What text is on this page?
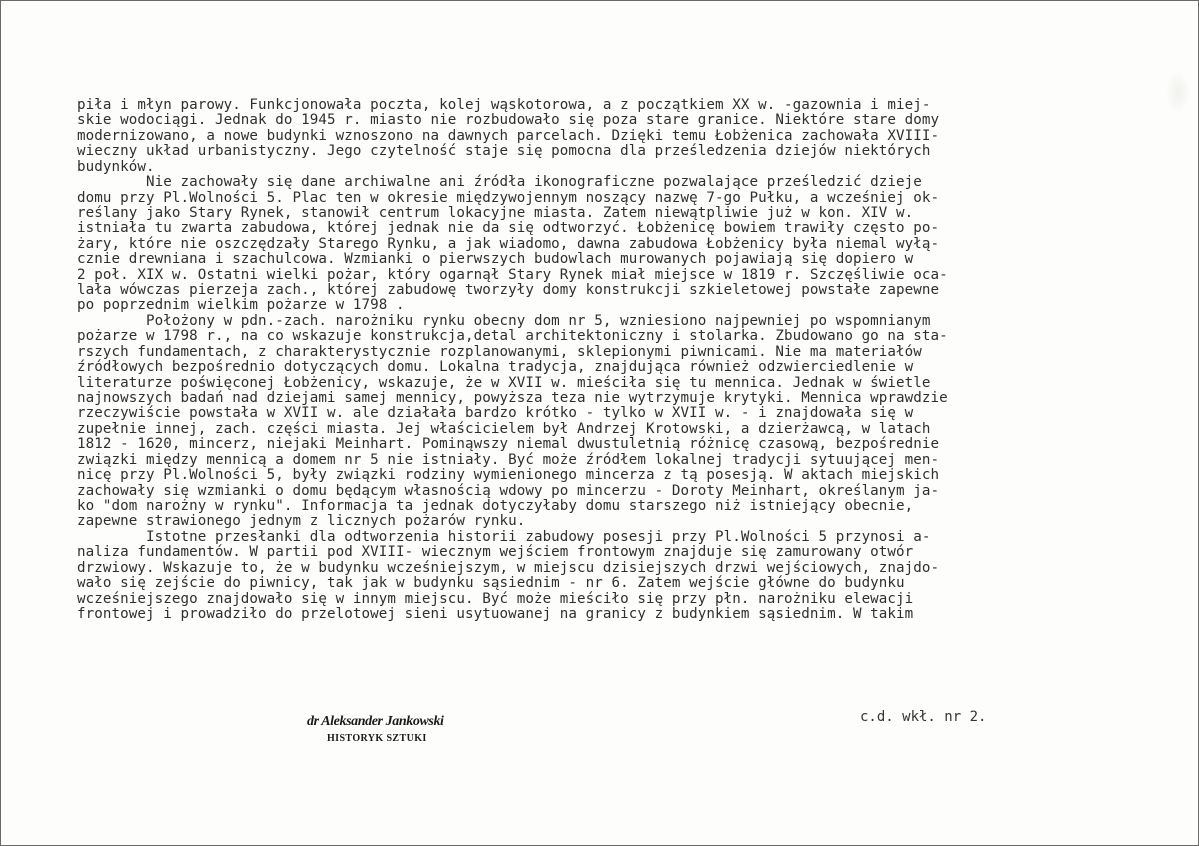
piła i młyn parowy. Funkcjonowała poczta, kolej wąskotorowa, a z początkiem XX w. -gazownia i miej-
skie wodociągi. Jednak do 1945 r. miasto nie rozbudowało się poza stare granice. Niektóre stare domy
modernizowano, a nowe budynki wznoszono na dawnych parcelach. Dzięki temu Łobżenica zachowała XVIII-
wieczny układ urbanistyczny. Jego czytelność staje się pomocna dla prześledzenia dziejów niektórych
budynków.
Nie zachowały się dane archiwalne ani źródła ikonograficzne pozwalające prześledzić dzieje
domu przy Pl.Wolności 5. Plac ten w okresie międzywojennym noszący nazwę 7-go Pułku, a wcześniej ok-
reślany jako Stary Rynek, stanowił centrum lokacyjne miasta. Zatem niewątpliwie już w kon. XIV w.
istniała tu zwarta zabudowa, której jednak nie da się odtworzyć. Łobżenicę bowiem trawiły często po-
żary, które nie oszczędzały Starego Rynku, a jak wiadomo, dawna zabudowa Łobżenicy była niemal wyłą-
cznie drewniana i szachulcowa. Wzmianki o pierwszych budowlach murowanych pojawiają się dopiero w
2 poł. XIX w. Ostatni wielki pożar, który ogarnął Stary Rynek miał miejsce w 1819 r. Szczęśliwie oca-
lała wówczas pierzeja zach., której zabudowę tworzyły domy konstrukcji szkieletowej powstałe zapewne
po poprzednim wielkim pożarze w 1798 .
Położony w pdn.-zach. narożniku rynku obecny dom nr 5, wzniesiono najpewniej po wspomnianym
pożarze w 1798 r., na co wskazuje konstrukcja,detal architektoniczny i stolarka. Zbudowano go na sta-
rszych fundamentach, z charakterystycznie rozplanowanymi, sklepionymi piwnicami. Nie ma materiałów
źródłowych bezpośrednio dotyczących domu. Lokalna tradycja, znajdująca również odzwierciedlenie w
literaturze poświęconej Łobżenicy, wskazuje, że w XVII w. mieściła się tu mennica. Jednak w świetle
najnowszych badań nad dziejami samej mennicy, powyższa teza nie wytrzymuje krytyki. Mennica wprawdzie
rzeczywiście powstała w XVII w. ale działała bardzo krótko - tylko w XVII w. - i znajdowała się w
zupełnie innej, zach. części miasta. Jej właścicielem był Andrzej Krotowski, a dzierżawcą, w latach
1812 - 1620, mincerz, niejaki Meinhart. Pominąwszy niemal dwustuletnią różnicę czasową, bezpośrednie
związki między mennicą a domem nr 5 nie istniały. Być może źródłem lokalnej tradycji sytuującej men-
nicę przy Pl.Wolności 5, były związki rodziny wymienionego mincerza z tą posesją. W aktach miejskich
zachowały się wzmianki o domu będącym własnością wdowy po mincerzu - Doroty Meinhart, określanym ja-
ko "dom narożny w rynku". Informacja ta jednak dotyczyłaby domu starszego niż istniejący obecnie,
zapewne strawionego jednym z licznych pożarów rynku.
Istotne przesłanki dla odtworzenia historii zabudowy posesji przy Pl.Wolności 5 przynosi a-
naliza fundamentów. W partii pod XVIII- wiecznym wejściem frontowym znajduje się zamurowany otwór
drzwiowy. Wskazuje to, że w budynku wcześniejszym, w miejscu dzisiejszych drzwi wejściowych, znajdo-
wało się zejście do piwnicy, tak jak w budynku sąsiednim - nr 6. Zatem wejście główne do budynku
wcześniejszego znajdowało się w innym miejscu. Być może mieściło się przy płn. narożniku elewacji
frontowej i prowadziło do przelotowej sieni usytuowanej na granicy z budynkiem sąsiednim. W takim
dr Aleksander Jankowski
HISTORYK SZTUKI
c.d. wkł. nr 2.
